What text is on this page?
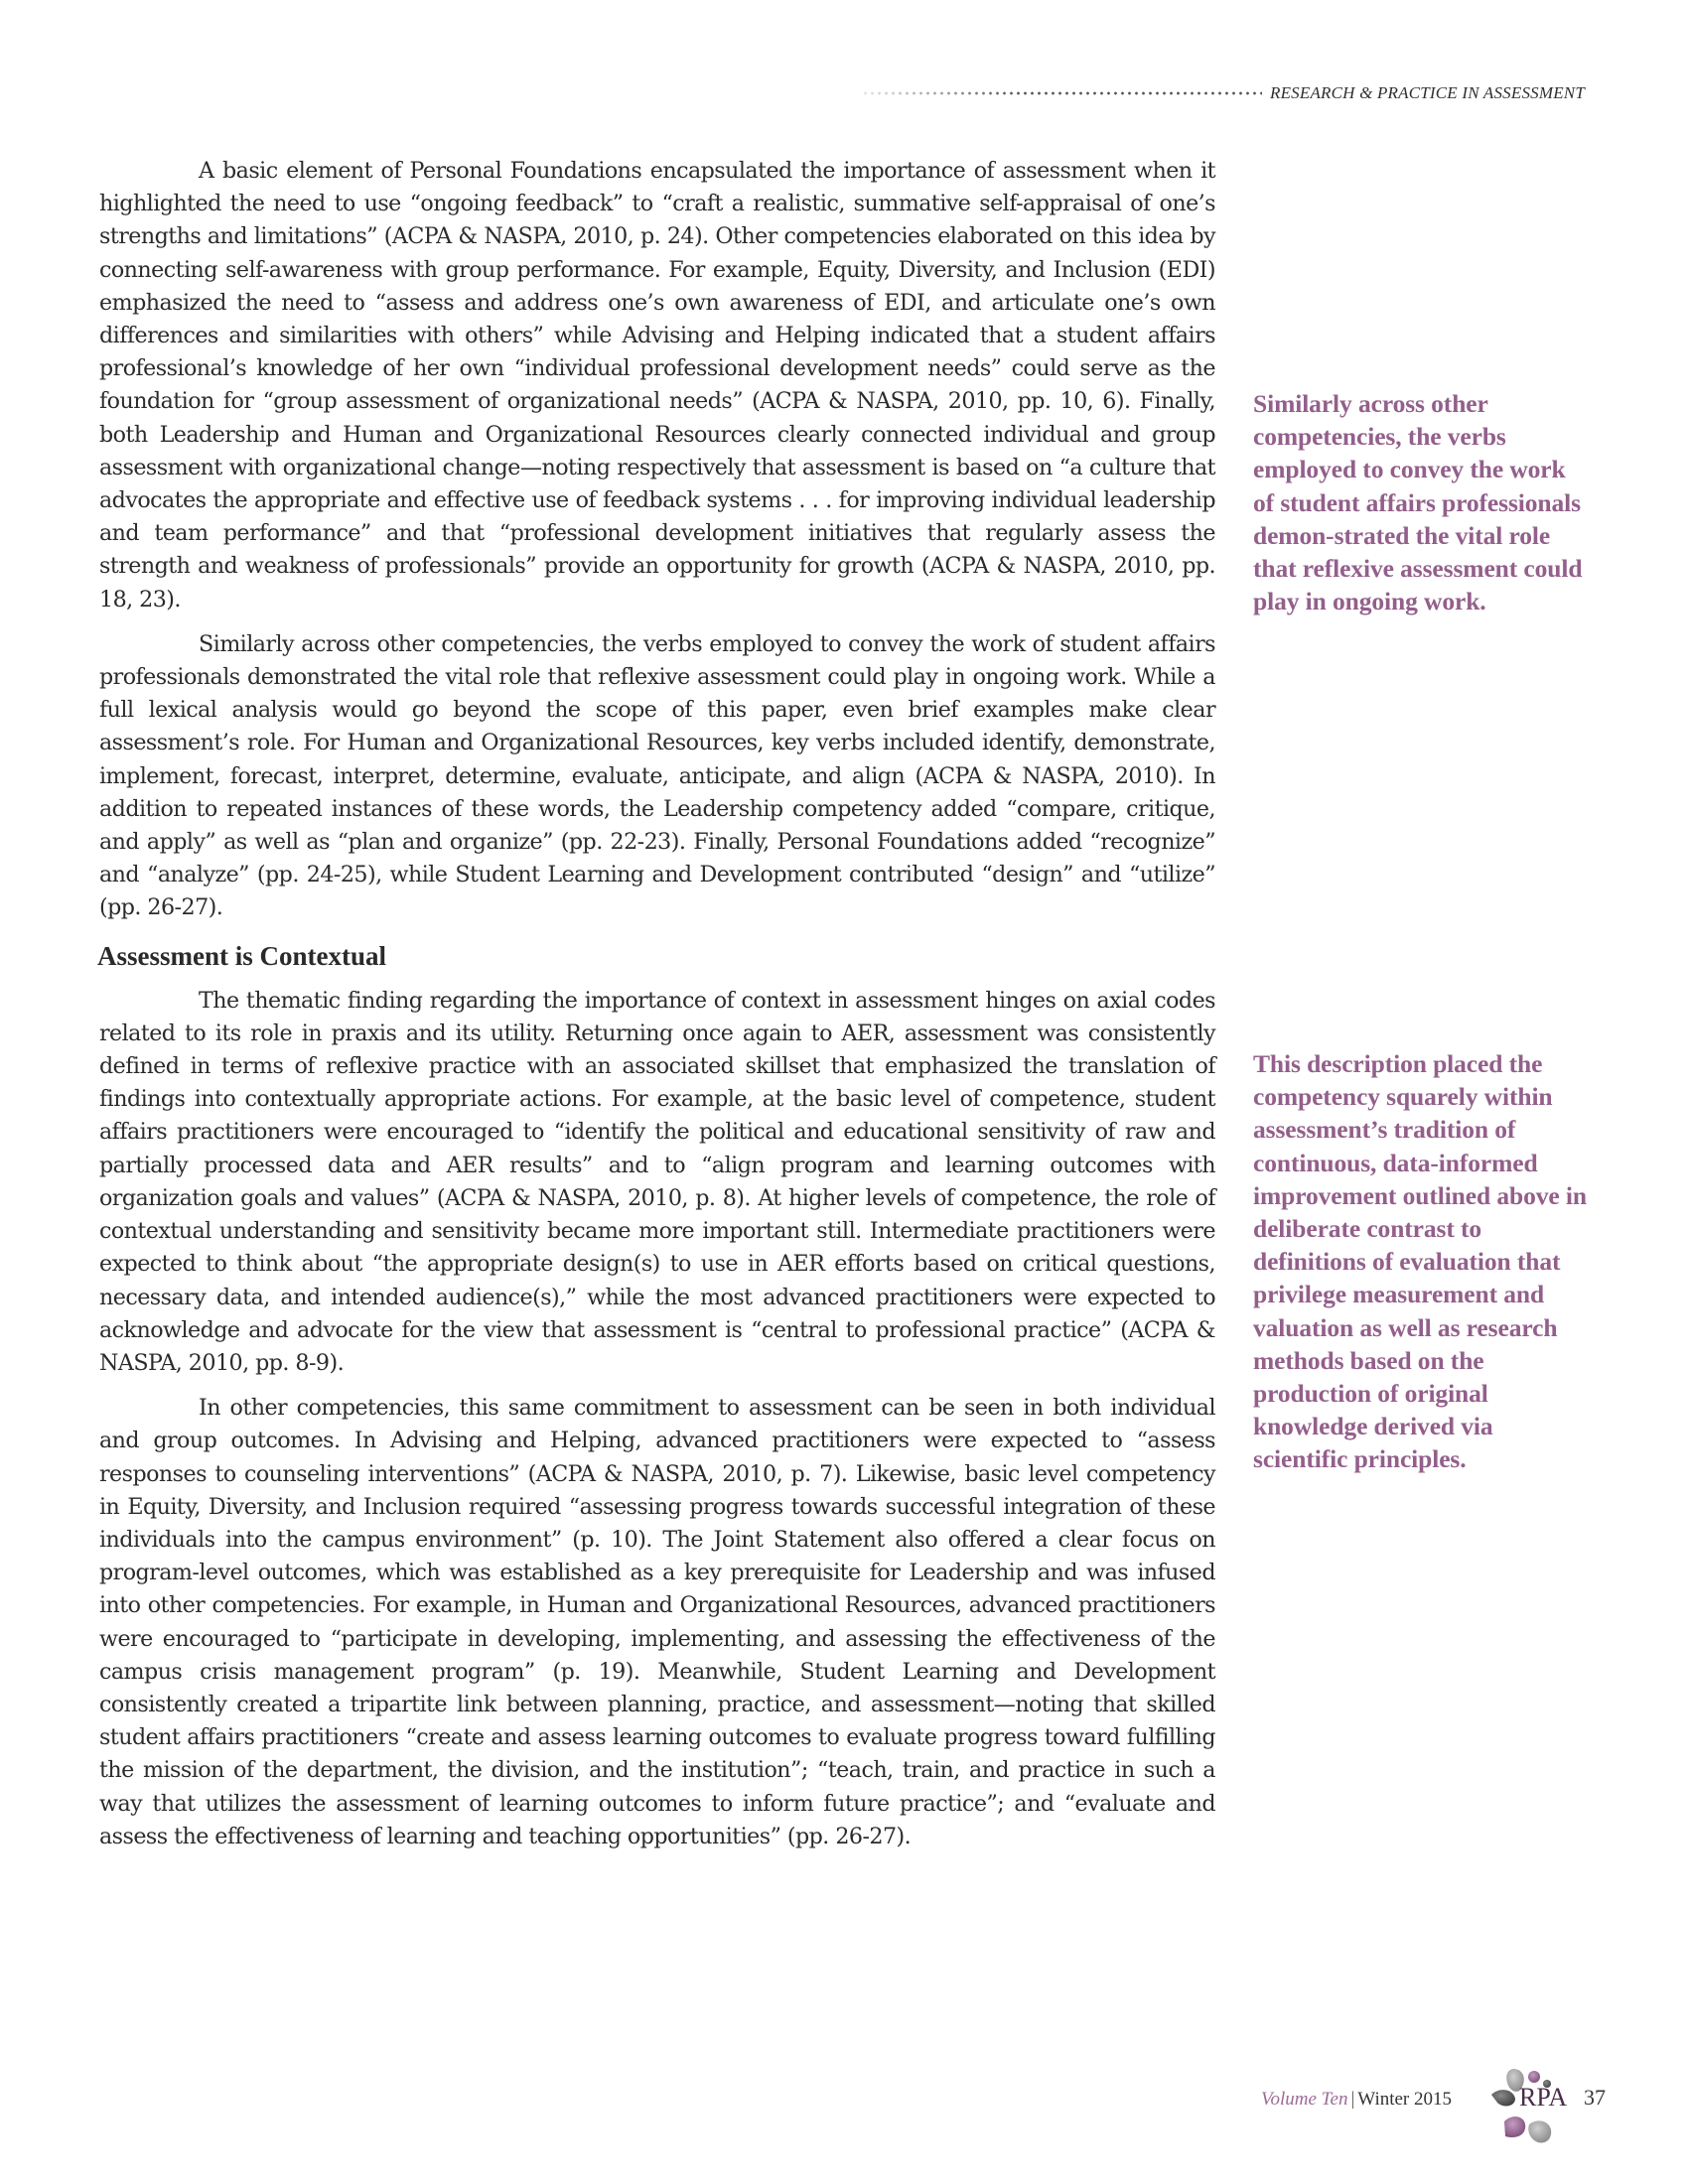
RESEARCH & PRACTICE IN ASSESSMENT

A basic element of Personal Foundations encapsulated the importance of assessment when it highlighted the need to use “ongoing feedback” to “craft a realistic, summative self-appraisal of one’s strengths and limitations” (ACPA & NASPA, 2010, p. 24). Other competencies elaborated on this idea by connecting self-awareness with group performance. For example, Equity, Diversity, and Inclusion (EDI) emphasized the need to “assess and address one’s own awareness of EDI, and articulate one’s own differences and similarities with others” while Advising and Helping indicated that a student affairs professional’s knowledge of her own “individual professional development needs” could serve as the foundation for “group assessment of organizational needs” (ACPA & NASPA, 2010, pp. 10, 6). Finally, both Leadership and Human and Organizational Resources clearly connected individual and group assessment with organizational change—noting respectively that assessment is based on “a culture that advocates the appropriate and effective use of feedback systems . . . for improving individual leadership and team performance” and that “professional development initiatives that regularly assess the strength and weakness of professionals” provide an opportunity for growth (ACPA & NASPA, 2010, pp. 18, 23).

Similarly across other competencies, the verbs employed to convey the work of student affairs professionals demonstrated the vital role that reflexive assessment could play in ongoing work. While a full lexical analysis would go beyond the scope of this paper, even brief examples make clear assessment’s role. For Human and Organizational Resources, key verbs included identify, demonstrate, implement, forecast, interpret, determine, evaluate, anticipate, and align (ACPA & NASPA, 2010). In addition to repeated instances of these words, the Leadership competency added “compare, critique, and apply” as well as “plan and organize” (pp. 22-23). Finally, Personal Foundations added “recognize” and “analyze” (pp. 24-25), while Student Learning and Development contributed “design” and “utilize” (pp. 26-27).

Assessment is Contextual

The thematic finding regarding the importance of context in assessment hinges on axial codes related to its role in praxis and its utility. Returning once again to AER, assessment was consistently defined in terms of reflexive practice with an associated skillset that emphasized the translation of findings into contextually appropriate actions. For example, at the basic level of competence, student affairs practitioners were encouraged to “identify the political and educational sensitivity of raw and partially processed data and AER results” and to “align program and learning outcomes with organization goals and values” (ACPA & NASPA, 2010, p. 8). At higher levels of competence, the role of contextual understanding and sensitivity became more important still. Intermediate practitioners were expected to think about “the appropriate design(s) to use in AER efforts based on critical questions, necessary data, and intended audience(s),” while the most advanced practitioners were expected to acknowledge and advocate for the view that assessment is “central to professional practice” (ACPA & NASPA, 2010, pp. 8-9).

In other competencies, this same commitment to assessment can be seen in both individual and group outcomes. In Advising and Helping, advanced practitioners were expected to “assess responses to counseling interventions” (ACPA & NASPA, 2010, p. 7). Likewise, basic level competency in Equity, Diversity, and Inclusion required “assessing progress towards successful integration of these individuals into the campus environment” (p. 10). The Joint Statement also offered a clear focus on program-level outcomes, which was established as a key prerequisite for Leadership and was infused into other competencies. For example, in Human and Organizational Resources, advanced practitioners were encouraged to “participate in developing, implementing, and assessing the effectiveness of the campus crisis management program” (p. 19). Meanwhile, Student Learning and Development consistently created a tripartite link between planning, practice, and assessment—noting that skilled student affairs practitioners “create and assess learning outcomes to evaluate progress toward fulfilling the mission of the department, the division, and the institution”; “teach, train, and practice in such a way that utilizes the assessment of learning outcomes to inform future practice”; and “evaluate and assess the effectiveness of learning and teaching opportunities” (pp. 26-27).

Similarly across other competencies, the verbs employed to convey the work of student affairs professionals demon-strated the vital role that reflexive assessment could play in ongoing work.
This description placed the competency squarely within assessment’s tradition of continuous, data-informed improvement outlined above in deliberate contrast to definitions of evaluation that privilege measurement and valuation as well as research methods based on the production of original knowledge derived via scientific principles.
Volume Ten | Winter 2015	RPA 37
